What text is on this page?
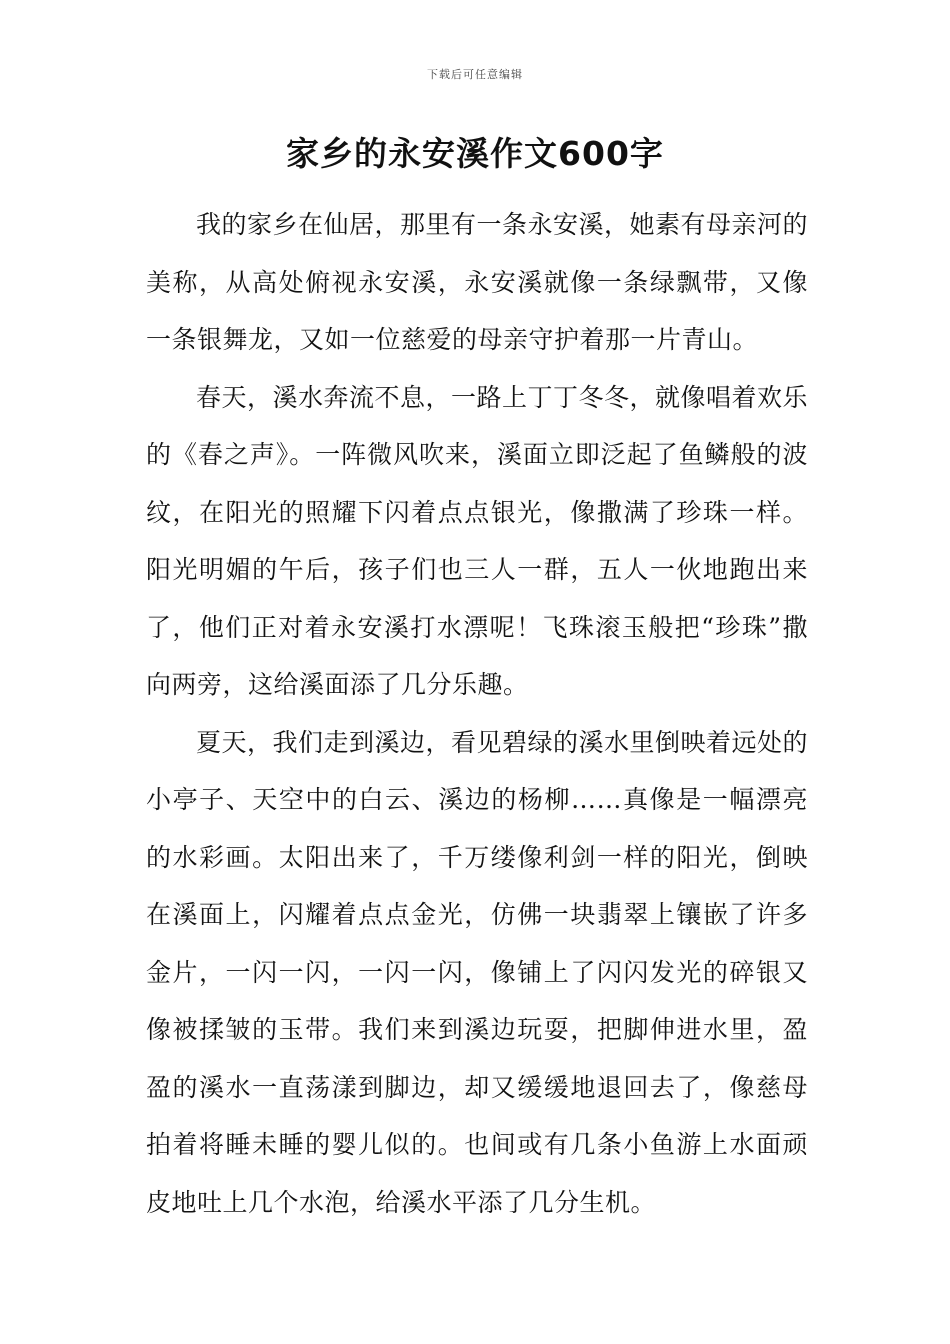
下载后可任意编辑
家乡的永安溪作文600字

我的家乡在仙居，那里有一条永安溪，她素有母亲河的美称，从高处俯视永安溪，永安溪就像一条绿飘带，又像一条银舞龙，又如一位慈爱的母亲守护着那一片青山。

春天，溪水奔流不息，一路上丁丁冬冬，就像唱着欢乐的《春之声》。一阵微风吹来，溪面立即泛起了鱼鳞般的波纹，在阳光的照耀下闪着点点银光，像撒满了珍珠一样。阳光明媚的午后，孩子们也三人一群，五人一伙地跑出来了，他们正对着永安溪打水漂呢！飞珠滚玉般把“珍珠”撒向两旁，这给溪面添了几分乐趣。

夏天，我们走到溪边，看见碧绿的溪水里倒映着远处的小亭子、天空中的白云、溪边的杨柳……真像是一幅漂亮的水彩画。太阳出来了，千万缕像利剑一样的阳光，倒映在溪面上，闪耀着点点金光，仿佛一块翡翠上镶嵌了许多金片，一闪一闪，一闪一闪，像铺上了闪闪发光的碎银又像被揉皱的玉带。我们来到溪边玩耍，把脚伸进水里，盈盈的溪水一直荡漾到脚边，却又缓缓地退回去了，像慈母拍着将睡未睡的婴儿似的。也间或有几条小鱼游上水面顽皮地吐上几个水泡，给溪水平添了几分生机。
